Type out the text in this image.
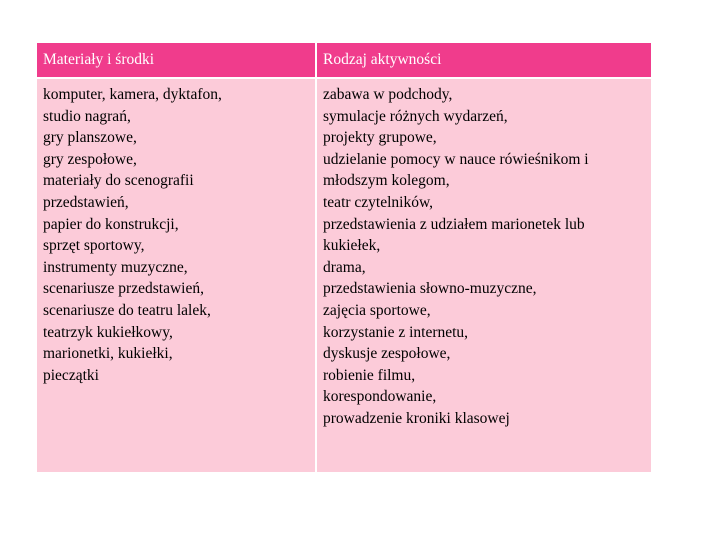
Materiały i środki	Rodzaj aktywności
komputer, kamera, dyktafon,
studio nagrań,
gry planszowe,
gry zespołowe,
materiały do scenografii
przedstawień,
papier do konstrukcji,
sprzęt sportowy,
instrumenty muzyczne,
scenariusze przedstawień,
scenariusze do teatru lalek,
teatrzyk kukiełkowy,
marionetki, kukiełki,
pieczątki
zabawa w podchody,
symulacje różnych wydarzeń,
projekty grupowe,
udzielanie pomocy w nauce rówieśnikom i
młodszym kolegom,
teatr czytelników,
przedstawienia z udziałem marionetek lub
kukiełek,
drama,
przedstawienia słowno-muzyczne,
zajęcia sportowe,
korzystanie z internetu,
dyskusje zespołowe,
robienie filmu,
korespondowanie,
prowadzenie kroniki klasowej
